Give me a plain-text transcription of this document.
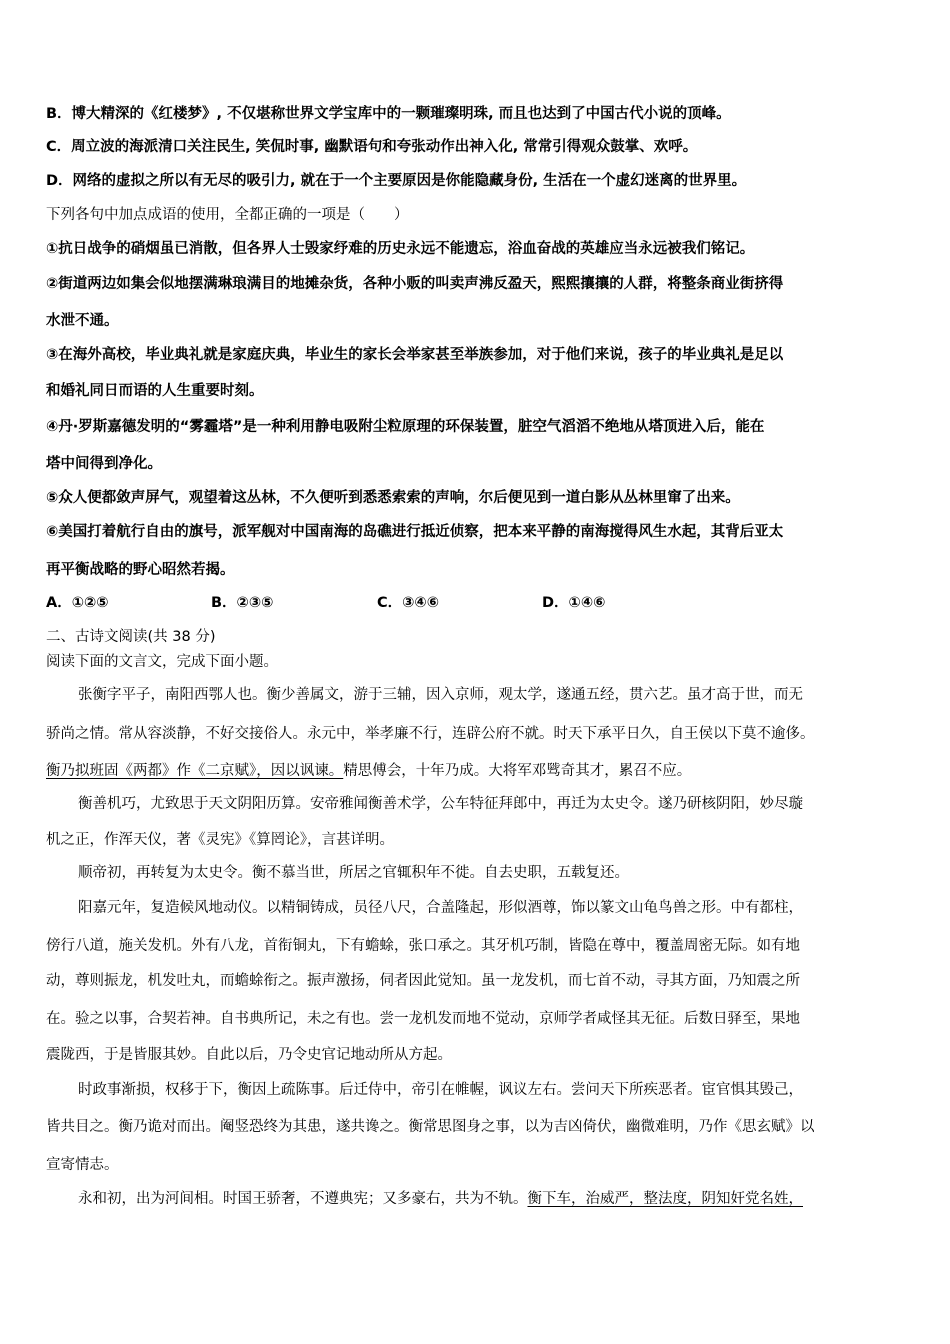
B．博大精深的《红楼梦》, 不仅堪称世界文学宝库中的一颗璀璨明珠, 而且也达到了中国古代小说的顶峰。
C．周立波的海派清口关注民生, 笑侃时事, 幽默语句和夸张动作出神入化, 常常引得观众鼓掌、欢呼。
D．网络的虚拟之所以有无尽的吸引力, 就在于一个主要原因是你能隐藏身份, 生活在一个虚幻迷离的世界里。
下列各句中加点成语的使用，全都正确的一项是（　　）
①抗日战争的硝烟虽已消散，但各界人士毁家纾难的历史永远不能遗忘，浴血奋战的英雄应当永远被我们铭记。
②街道两边如集会似地摆满琳琅满目的地摊杂货，各种小贩的叫卖声沸反盈天，熙熙攘攘的人群，将整条商业街挤得
水泄不通。
③在海外高校，毕业典礼就是家庭庆典，毕业生的家长会举家甚至举族参加，对于他们来说，孩子的毕业典礼是足以
和婚礼同日而语的人生重要时刻。
④丹·罗斯嘉德发明的“雾霾塔”是一种利用静电吸附尘粒原理的环保装置，脏空气滔滔不绝地从塔顶进入后，能在
塔中间得到净化。
⑤众人便都敛声屏气，观望着这丛林，不久便听到悉悉索索的声响，尔后便见到一道白影从丛林里窜了出来。
⑥美国打着航行自由的旗号，派军舰对中国南海的岛礁进行抵近侦察，把本来平静的南海搅得风生水起，其背后亚太
再平衡战略的野心昭然若揭。
A．①②⑤	B．②③⑤	C．③④⑥	D．①④⑥
二、古诗文阅读(共 38 分)
阅读下面的文言文，完成下面小题。
张衡字平子，南阳西鄂人也。衡少善属文，游于三辅，因入京师，观太学，遂通五经，贯六艺。虽才高于世，而无
骄尚之情。常从容淡静，不好交接俗人。永元中，举孝廉不行，连辟公府不就。时天下承平日久，自王侯以下莫不逾侈。
衡乃拟班固《两都》作《二京赋》，因以讽谏。精思傅会，十年乃成。大将军邓骘奇其才，累召不应。
衡善机巧，尤致思于天文阴阳历算。安帝雅闻衡善术学，公车特征拜郎中，再迁为太史令。遂乃研核阴阳，妙尽璇
机之正，作浑天仪，著《灵宪》《算罔论》，言甚详明。
顺帝初，再转复为太史令。衡不慕当世，所居之官辄积年不徙。自去史职，五载复还。
阳嘉元年，复造候风地动仪。以精铜铸成，员径八尺，合盖隆起，形似酒尊，饰以篆文山龟鸟兽之形。中有都柱，
傍行八道，施关发机。外有八龙，首衔铜丸，下有蟾蜍，张口承之。其牙机巧制，皆隐在尊中，覆盖周密无际。如有地
动，尊则振龙，机发吐丸，而蟾蜍衔之。振声激扬，伺者因此觉知。虽一龙发机，而七首不动，寻其方面，乃知震之所
在。验之以事，合契若神。自书典所记，未之有也。尝一龙机发而地不觉动，京师学者咸怪其无征。后数日驿至，果地
震陇西，于是皆服其妙。自此以后，乃令史官记地动所从方起。
时政事渐损，权移于下，衡因上疏陈事。后迁侍中，帝引在帷幄，讽议左右。尝问天下所疾恶者。宦官惧其毁己，
皆共目之。衡乃诡对而出。阉竖恐终为其患，遂共谗之。衡常思图身之事，以为吉凶倚伏，幽微难明，乃作《思玄赋》以
宣寄情志。
永和初，出为河间相。时国王骄奢，不遵典宪；又多豪右，共为不轨。衡下车，治威严，整法度，阴知奸党名姓，
